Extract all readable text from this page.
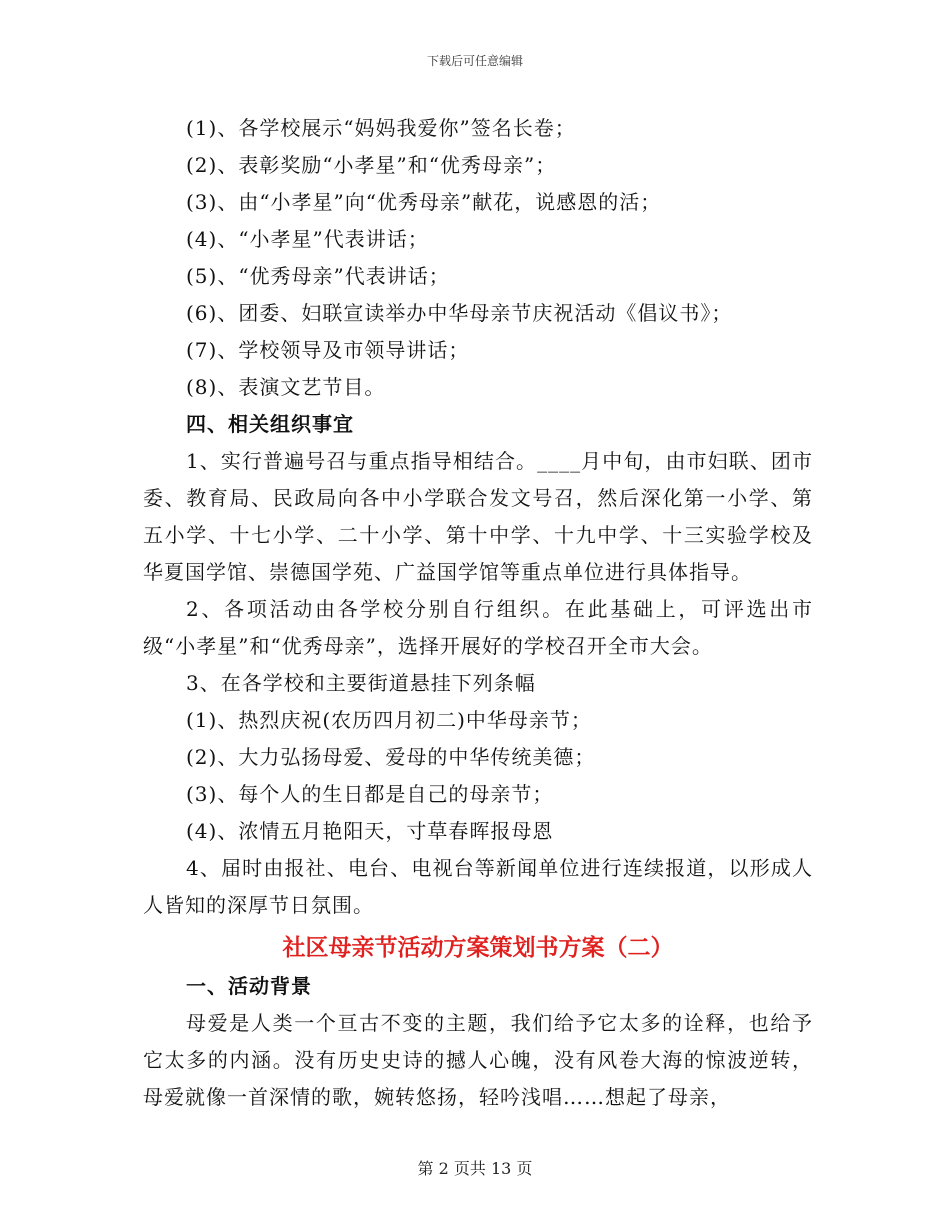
下载后可任意编辑

(1)、各学校展示“妈妈我爱你”签名长卷；

(2)、表彰奖励“小孝星”和“优秀母亲”；

(3)、由“小孝星”向“优秀母亲”献花，说感恩的活；

(4)、“小孝星”代表讲话；

(5)、“优秀母亲”代表讲话；

(6)、团委、妇联宣读举办中华母亲节庆祝活动《倡议书》；

(7)、学校领导及市领导讲话；

(8)、表演文艺节目。

四、相关组织事宜

1、实行普遍号召与重点指导相结合。____月中旬，由市妇联、团市委、教育局、民政局向各中小学联合发文号召，然后深化第一小学、第五小学、十七小学、二十小学、第十中学、十九中学、十三实验学校及华夏国学馆、崇德国学苑、广益国学馆等重点单位进行具体指导。

2、各项活动由各学校分别自行组织。在此基础上，可评选出市级“小孝星”和“优秀母亲”，选择开展好的学校召开全市大会。

3、在各学校和主要街道悬挂下列条幅

(1)、热烈庆祝(农历四月初二)中华母亲节；

(2)、大力弘扬母爱、爱母的中华传统美德；

(3)、每个人的生日都是自己的母亲节；

(4)、浓情五月艳阳天，寸草春晖报母恩

4、届时由报社、电台、电视台等新闻单位进行连续报道，以形成人人皆知的深厚节日氛围。

社区母亲节活动方案策划书方案（二）

一、活动背景

母爱是人类一个亘古不变的主题，我们给予它太多的诠释，也给予它太多的内涵。没有历史史诗的撼人心魄，没有风卷大海的惊波逆转，母爱就像一首深情的歌，婉转悠扬，轻吟浅唱……想起了母亲，

第 2 页共 13 页
